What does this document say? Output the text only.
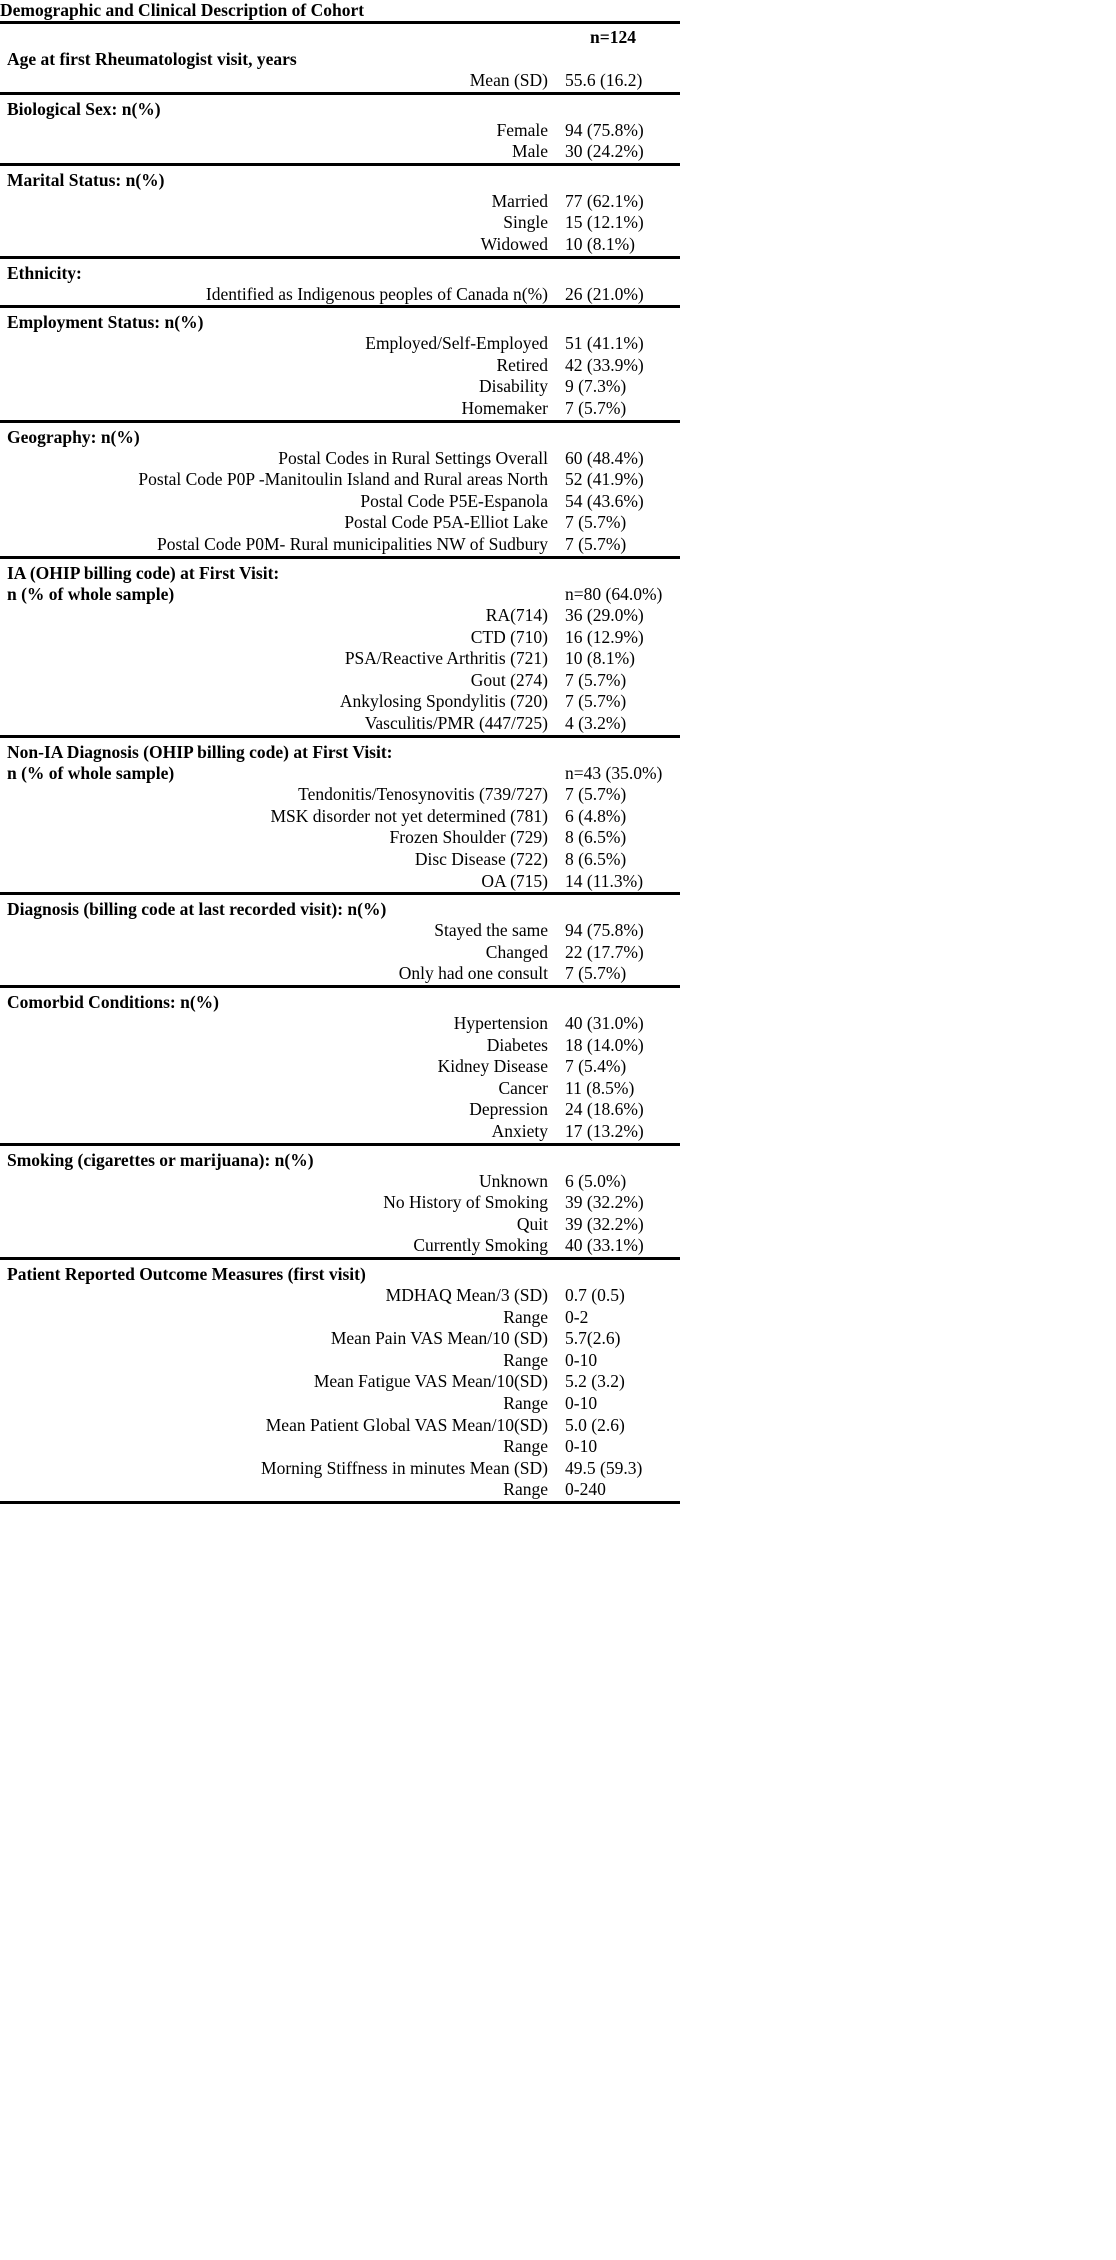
Demographic and Clinical Description of Cohort
n=124
Age at first Rheumatologist visit, years
Mean (SD) 55.6 (16.2)
Biological Sex: n(%)
Female 94 (75.8%)
Male 30 (24.2%)
Marital Status: n(%)
Married 77 (62.1%)
Single 15 (12.1%)
Widowed 10 (8.1%)
Ethnicity:
Identified as Indigenous peoples of Canada n(%) 26 (21.0%)
Employment Status: n(%)
Employed/Self-Employed 51 (41.1%)
Retired 42 (33.9%)
Disability 9 (7.3%)
Homemaker 7 (5.7%)
Geography: n(%)
Postal Codes in Rural Settings Overall 60 (48.4%)
Postal Code P0P -Manitoulin Island and Rural areas North 52 (41.9%)
Postal Code P5E-Espanola 54 (43.6%)
Postal Code P5A-Elliot Lake 7 (5.7%)
Postal Code P0M- Rural municipalities NW of Sudbury 7 (5.7%)
IA (OHIP billing code) at First Visit:
n (% of whole sample)	n=80 (64.0%)
RA(714) 36 (29.0%)
CTD (710) 16 (12.9%)
PSA/Reactive Arthritis (721) 10 (8.1%)
Gout (274) 7 (5.7%)
Ankylosing Spondylitis (720) 7 (5.7%)
Vasculitis/PMR (447/725) 4 (3.2%)
Non-IA Diagnosis (OHIP billing code) at First Visit:
n (% of whole sample)	n=43 (35.0%)
Tendonitis/Tenosynovitis (739/727) 7 (5.7%)
MSK disorder not yet determined (781) 6 (4.8%)
Frozen Shoulder (729) 8 (6.5%)
Disc Disease (722) 8 (6.5%)
OA (715) 14 (11.3%)
Diagnosis (billing code at last recorded visit): n(%)
Stayed the same 94 (75.8%)
Changed 22 (17.7%)
Only had one consult 7 (5.7%)
Comorbid Conditions: n(%)
Hypertension 40 (31.0%)
Diabetes 18 (14.0%)
Kidney Disease 7 (5.4%)
Cancer 11 (8.5%)
Depression 24 (18.6%)
Anxiety 17 (13.2%)
Smoking (cigarettes or marijuana): n(%)
Unknown 6 (5.0%)
No History of Smoking 39 (32.2%)
Quit 39 (32.2%)
Currently Smoking 40 (33.1%)
Patient Reported Outcome Measures (first visit)
MDHAQ Mean/3 (SD) 0.7 (0.5)
Range 0-2
Mean Pain VAS Mean/10 (SD) 5.7(2.6)
Range 0-10
Mean Fatigue VAS Mean/10(SD) 5.2 (3.2)
Range 0-10
Mean Patient Global VAS Mean/10(SD) 5.0 (2.6)
Range 0-10
Morning Stiffness in minutes Mean (SD) 49.5 (59.3)
Range 0-240
